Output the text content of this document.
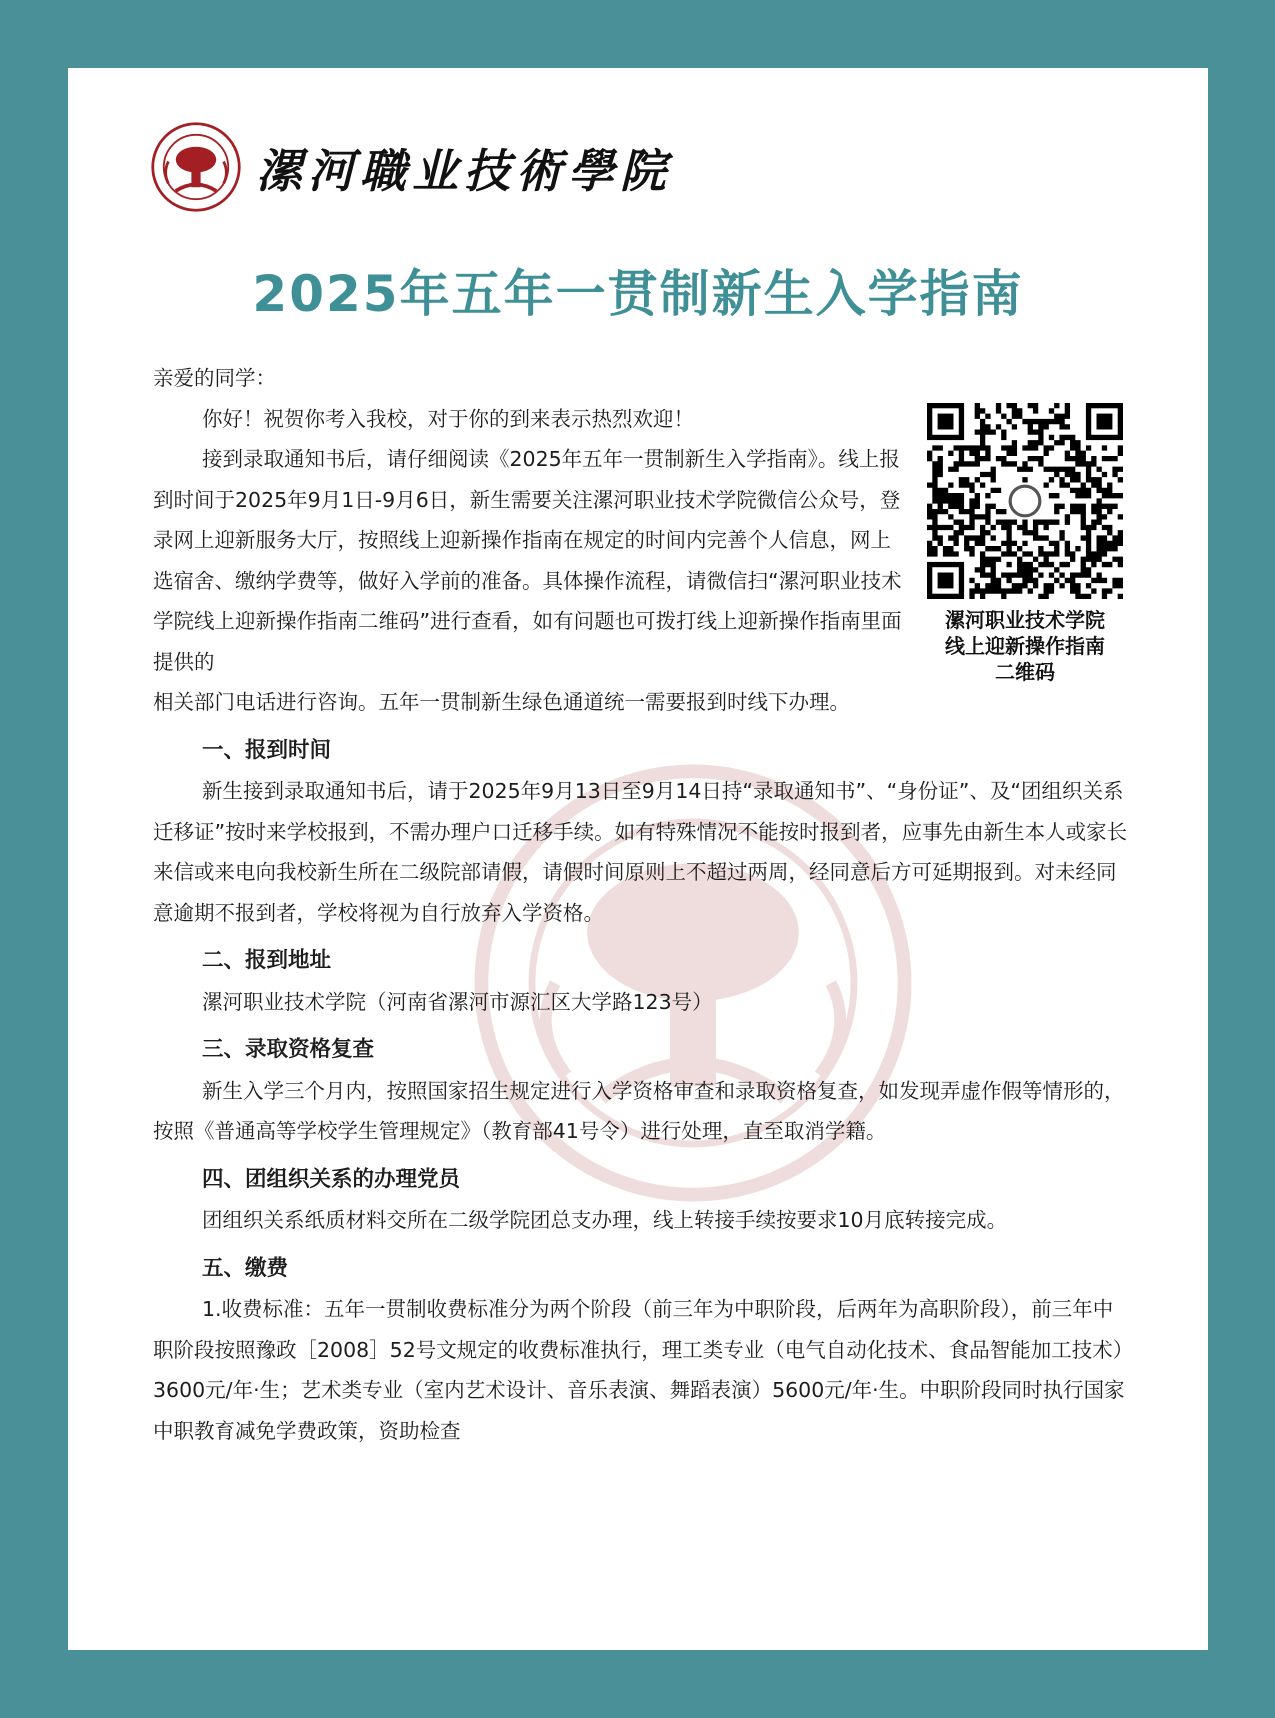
漯河職业技術學院
2025年五年一贯制新生入学指南
漯河职业技术学院
线上迎新操作指南
二维码

亲爱的同学：

你好！祝贺你考入我校，对于你的到来表示热烈欢迎！

接到录取通知书后，请仔细阅读《2025年五年一贯制新生入学指南》。线上报到时间于2025年9月1日-9月6日，新生需要关注漯河职业技术学院微信公众号，登录网上迎新服务大厅，按照线上迎新操作指南在规定的时间内完善个人信息，网上选宿舍、缴纳学费等，做好入学前的准备。具体操作流程，请微信扫“漯河职业技术学院线上迎新操作指南二维码”进行查看，如有问题也可拨打线上迎新操作指南里面提供的

相关部门电话进行咨询。五年一贯制新生绿色通道统一需要报到时线下办理。

一、报到时间

新生接到录取通知书后，请于2025年9月13日至9月14日持“录取通知书”、“身份证”、及“团组织关系迁移证”按时来学校报到，不需办理户口迁移手续。如有特殊情况不能按时报到者，应事先由新生本人或家长来信或来电向我校新生所在二级院部请假，请假时间原则上不超过两周，经同意后方可延期报到。对未经同意逾期不报到者，学校将视为自行放弃入学资格。

二、报到地址

漯河职业技术学院（河南省漯河市源汇区大学路123号）

三、录取资格复查

新生入学三个月内，按照国家招生规定进行入学资格审查和录取资格复查，如发现弄虚作假等情形的，按照《普通高等学校学生管理规定》（教育部41号令）进行处理，直至取消学籍。

四、团组织关系的办理党员

团组织关系纸质材料交所在二级学院团总支办理，线上转接手续按要求10月底转接完成。

五、缴费

1.收费标准：五年一贯制收费标准分为两个阶段（前三年为中职阶段，后两年为高职阶段），前三年中职阶段按照豫政［2008］52号文规定的收费标准执行，理工类专业（电气自动化技术、食品智能加工技术）3600元/年·生；艺术类专业（室内艺术设计、音乐表演、舞蹈表演）5600元/年·生。中职阶段同时执行国家中职教育减免学费政策，资助检查
